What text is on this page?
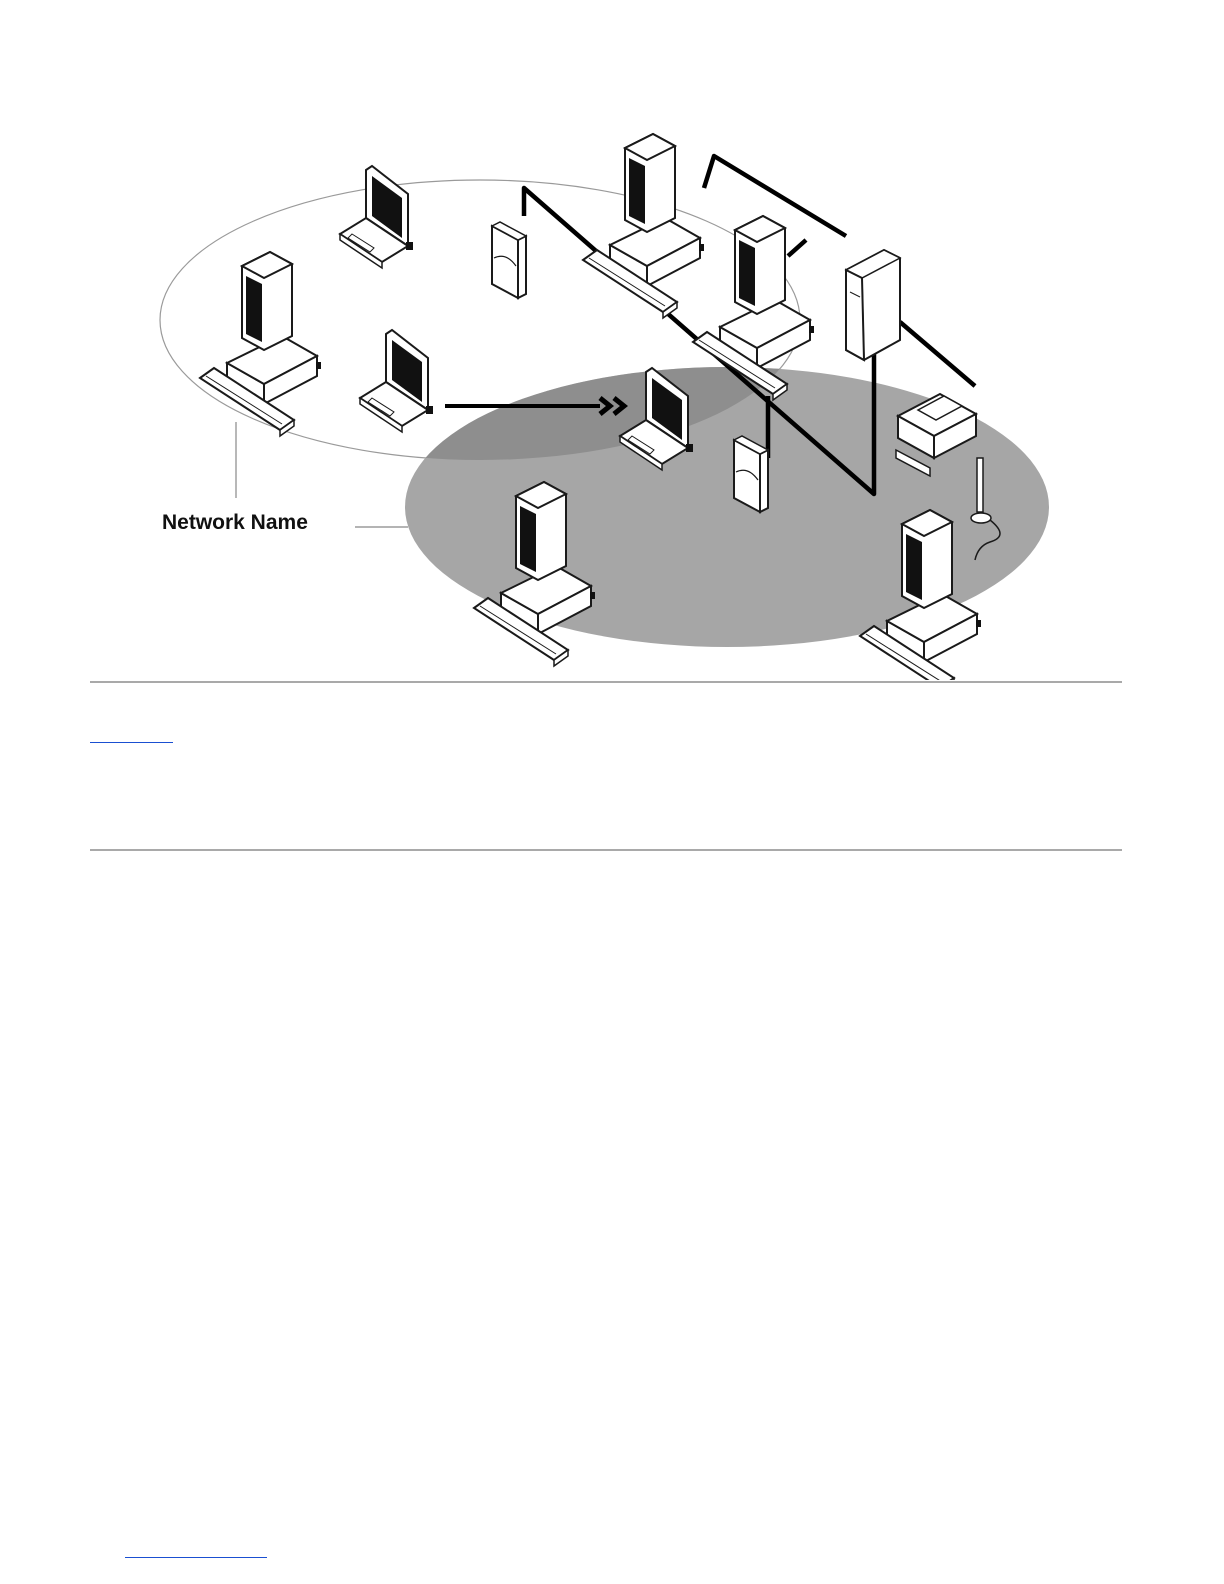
Network Name
